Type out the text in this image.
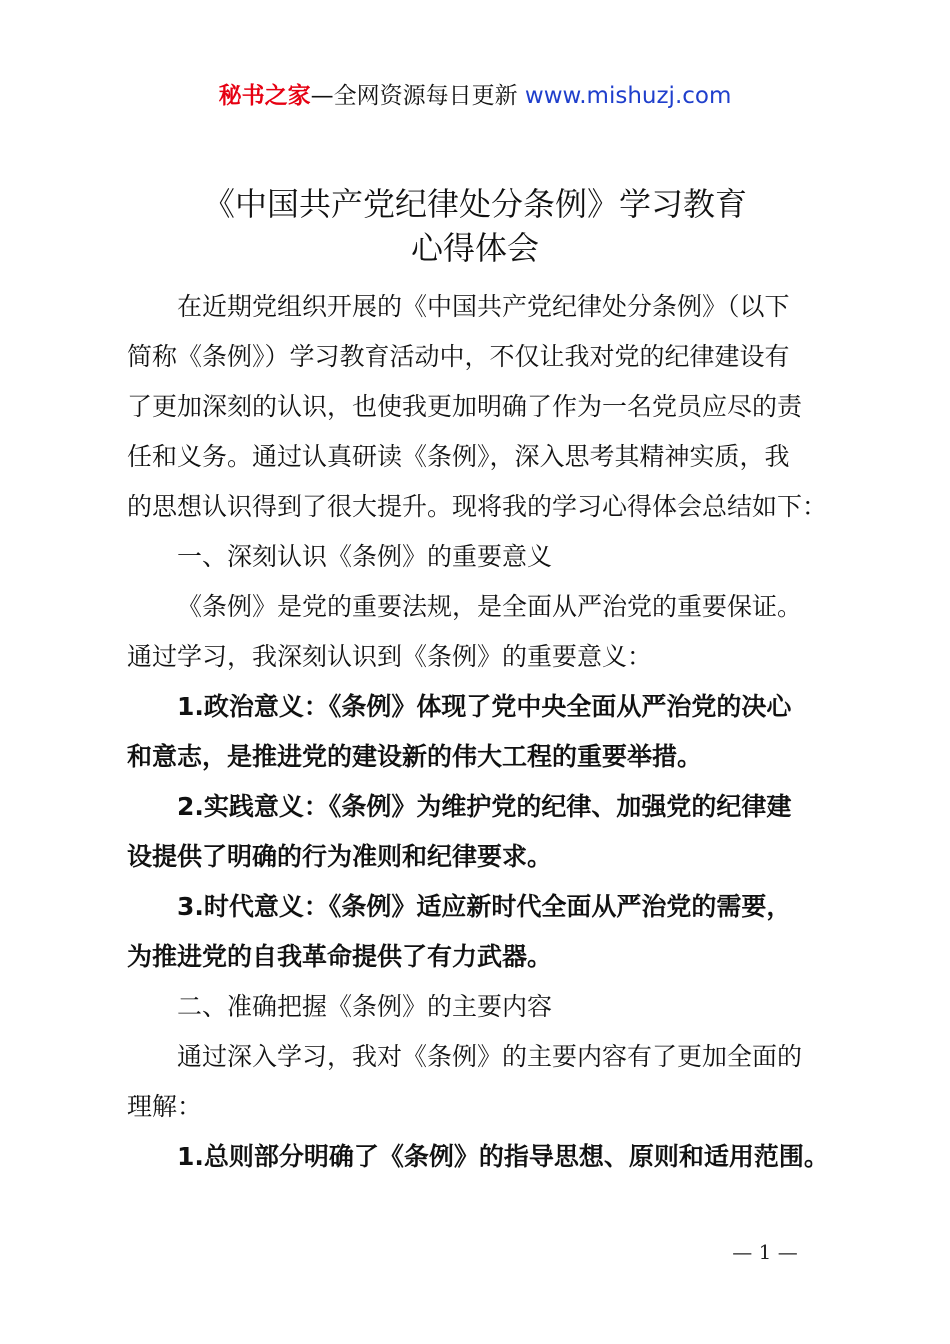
秘书之家—全网资源每日更新 www.mishuzj.com
《中国共产党纪律处分条例》学习教育
心得体会
在近期党组织开展的《中国共产党纪律处分条例》（以下
简称《条例》）学习教育活动中，不仅让我对党的纪律建设有
了更加深刻的认识，也使我更加明确了作为一名党员应尽的责
任和义务。通过认真研读《条例》，深入思考其精神实质，我
的思想认识得到了很大提升。现将我的学习心得体会总结如下：
一、深刻认识《条例》的重要意义
《条例》是党的重要法规，是全面从严治党的重要保证。
通过学习，我深刻认识到《条例》的重要意义：
1.政治意义：《条例》体现了党中央全面从严治党的决心
和意志，是推进党的建设新的伟大工程的重要举措。
2.实践意义：《条例》为维护党的纪律、加强党的纪律建
设提供了明确的行为准则和纪律要求。
3.时代意义：《条例》适应新时代全面从严治党的需要，
为推进党的自我革命提供了有力武器。
二、准确把握《条例》的主要内容
通过深入学习，我对《条例》的主要内容有了更加全面的
理解：
1.总则部分明确了《条例》的指导思想、原则和适用范围。
— 1 —
